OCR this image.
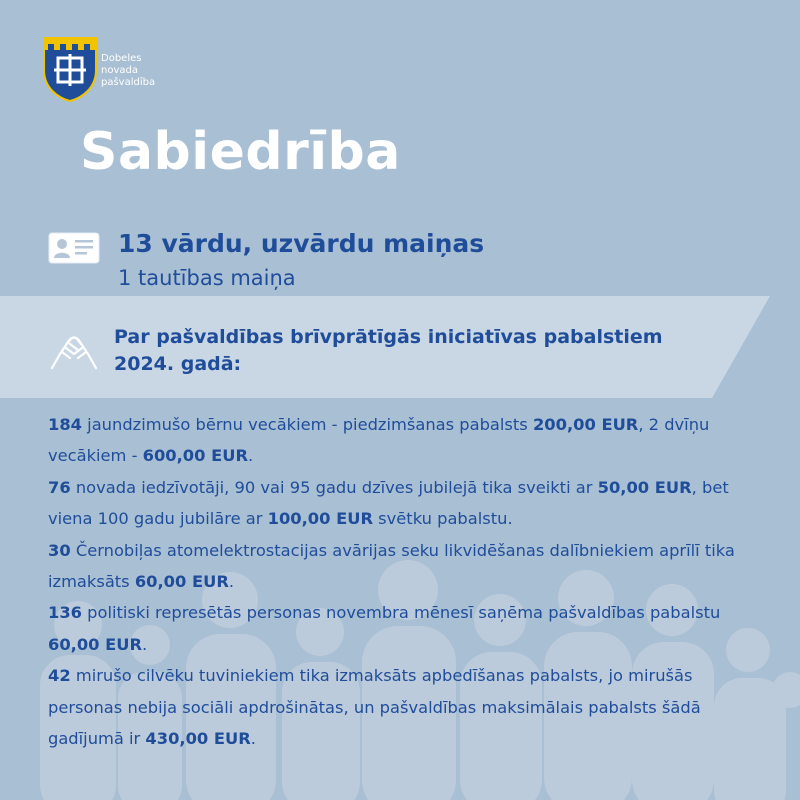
Dobeles
novada
pašvaldība
Sabiedrība
13 vārdu, uzvārdu maiņas
1 tautības maiņa
Par pašvaldības brīvprātīgās iniciatīvas pabalstiem 2024. gadā:
184 jaundzimušo bērnu vecākiem - piedzimšanas pabalsts 200,00 EUR, 2 dvīņu vecākiem - 600,00 EUR.
76 novada iedzīvotāji, 90 vai 95 gadu dzīves jubilejā tika sveikti ar 50,00 EUR, bet viena 100 gadu jubilāre ar 100,00 EUR svētku pabalstu.
30 Černobiļas atomelektrostacijas avārijas seku likvidēšanas dalībniekiem aprīlī tika izmaksāts 60,00 EUR.
136 politiski represētās personas novembra mēnesī saņēma pašvaldības pabalstu 60,00 EUR.
42 mirušo cilvēku tuviniekiem tika izmaksāts apbedīšanas pabalsts, jo mirušās personas nebija sociāli apdrošinātas, un pašvaldības maksimālais pabalsts šādā gadījumā ir 430,00 EUR.
